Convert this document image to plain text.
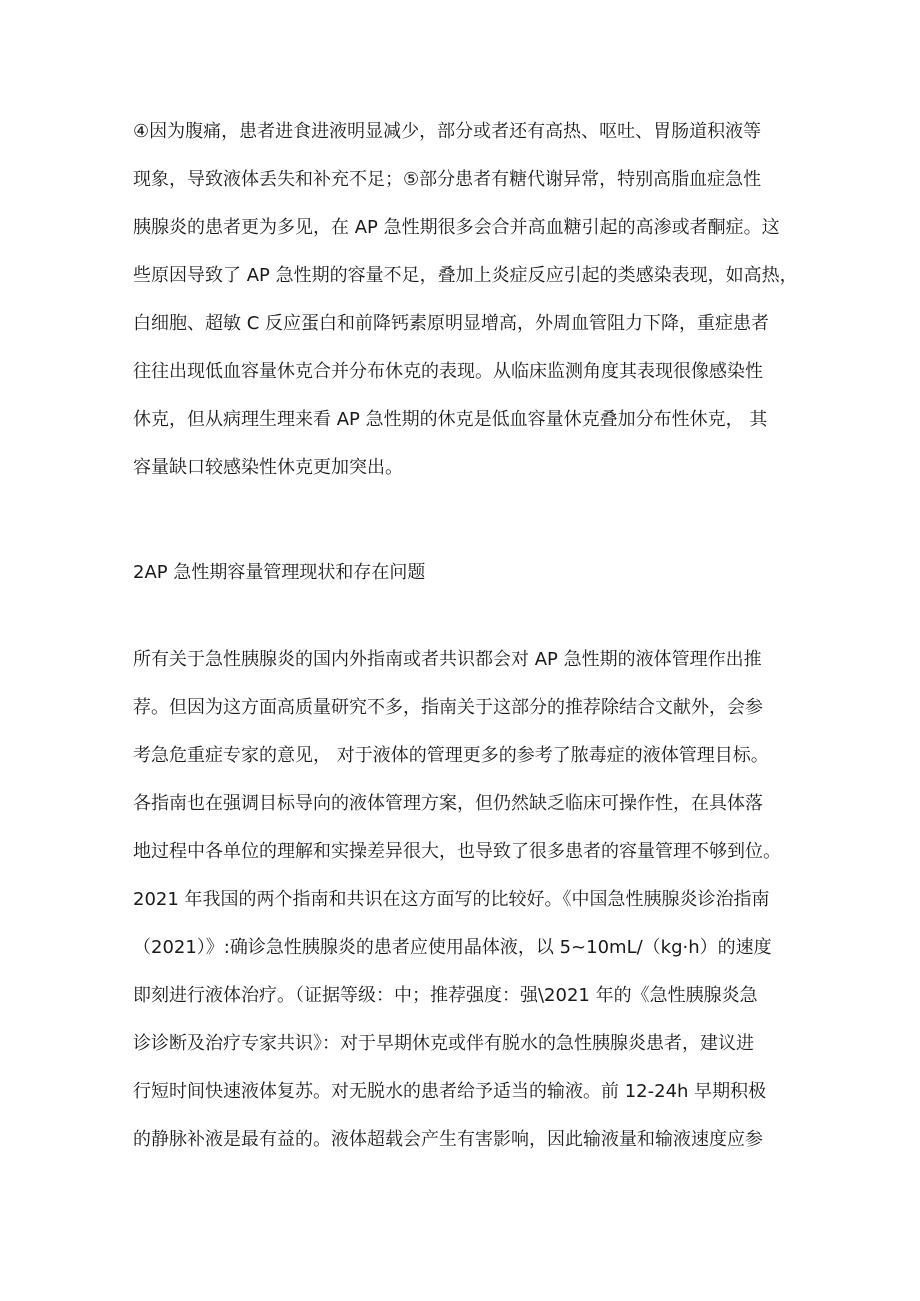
④因为腹痛，患者进食进液明显减少，部分或者还有高热、呕吐、胃肠道积液等
现象，导致液体丢失和补充不足；⑤部分患者有糖代谢异常，特别高脂血症急性
胰腺炎的患者更为多见，在 AP 急性期很多会合并高血糖引起的高渗或者酮症。这
些原因导致了 AP 急性期的容量不足，叠加上炎症反应引起的类感染表现，如高热，
白细胞、超敏 C 反应蛋白和前降钙素原明显增高，外周血管阻力下降，重症患者
往往出现低血容量休克合并分布休克的表现。从临床监测角度其表现很像感染性
休克，但从病理生理来看 AP 急性期的休克是低血容量休克叠加分布性休克， 其
容量缺口较感染性休克更加突出。
2AP 急性期容量管理现状和存在问题
所有关于急性胰腺炎的国内外指南或者共识都会对 AP 急性期的液体管理作出推
荐。但因为这方面高质量研究不多，指南关于这部分的推荐除结合文献外，会参
考急危重症专家的意见， 对于液体的管理更多的参考了脓毒症的液体管理目标。
各指南也在强调目标导向的液体管理方案，但仍然缺乏临床可操作性，在具体落
地过程中各单位的理解和实操差异很大，也导致了很多患者的容量管理不够到位。
2021 年我国的两个指南和共识在这方面写的比较好。《中国急性胰腺炎诊治指南
（2021）》:确诊急性胰腺炎的患者应使用晶体液，以 5~10mL∕（kg·h）的速度
即刻进行液体治疗。（证据等级：中；推荐强度：强\2021 年的《急性胰腺炎急
诊诊断及治疗专家共识》：对于早期休克或伴有脱水的急性胰腺炎患者，建议进
行短时间快速液体复苏。对无脱水的患者给予适当的输液。前 12-24h 早期积极
的静脉补液是最有益的。液体超载会产生有害影响，因此输液量和输液速度应参
